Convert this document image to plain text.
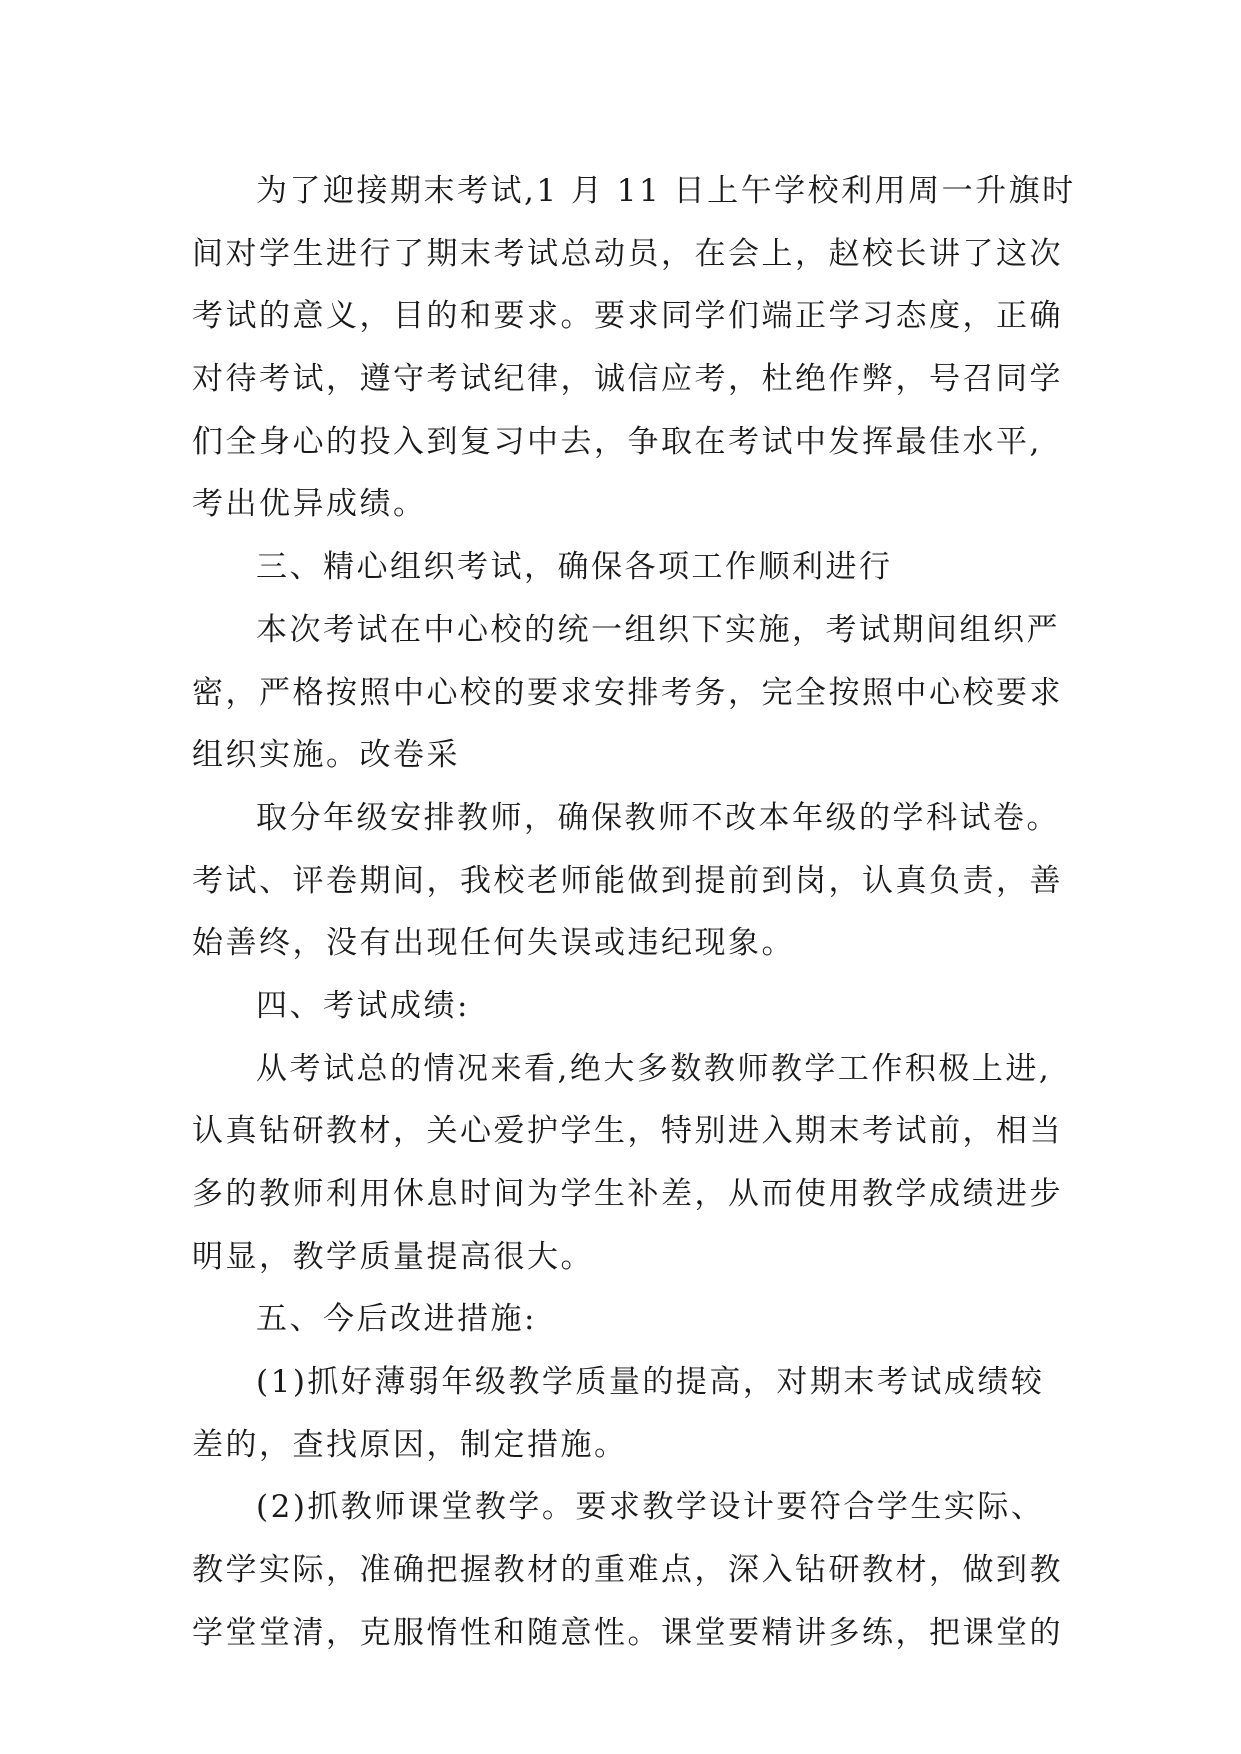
为了迎接期末考试,1 月 11 日上午学校利用周一升旗时
间对学生进行了期末考试总动员，在会上，赵校长讲了这次
考试的意义，目的和要求。要求同学们端正学习态度，正确
对待考试，遵守考试纪律，诚信应考，杜绝作弊，号召同学
们全身心的投入到复习中去，争取在考试中发挥最佳水平,
考出优异成绩。
三、精心组织考试，确保各项工作顺利进行
本次考试在中心校的统一组织下实施，考试期间组织严
密，严格按照中心校的要求安排考务，完全按照中心校要求
组织实施。改卷采
取分年级安排教师，确保教师不改本年级的学科试卷。
考试、评卷期间，我校老师能做到提前到岗，认真负责，善
始善终，没有出现任何失误或违纪现象。
四、考试成绩:
从考试总的情况来看,绝大多数教师教学工作积极上进,
认真钻研教材，关心爱护学生，特别进入期末考试前，相当
多的教师利用休息时间为学生补差，从而使用教学成绩进步
明显，教学质量提高很大。
五、今后改进措施:
(1)抓好薄弱年级教学质量的提高，对期末考试成绩较
差的，查找原因，制定措施。
(2)抓教师课堂教学。要求教学设计要符合学生实际、
教学实际，准确把握教材的重难点，深入钻研教材，做到教
学堂堂清，克服惰性和随意性。课堂要精讲多练，把课堂的
